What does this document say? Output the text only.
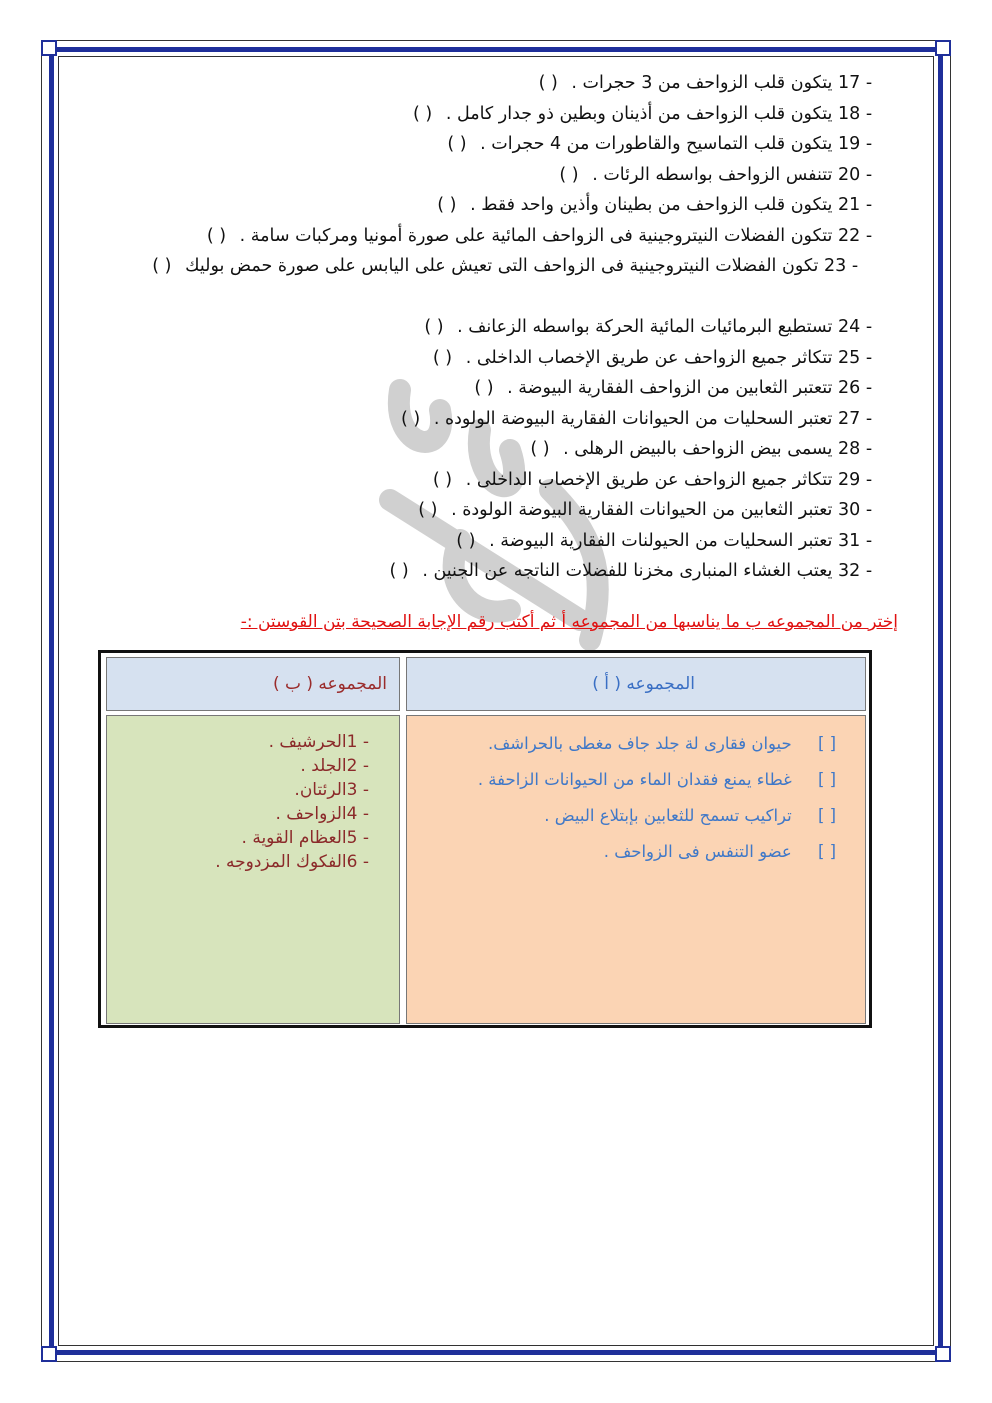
17 - يتكون قلب الزواحف من 3 حجرات . ( )
18 - يتكون قلب الزواحف من أذينان وبطين ذو جدار كامل . ( )
19 - يتكون قلب التماسيح والقاطورات من 4 حجرات . ( )
20 - تتنفس الزواحف بواسطه الرئات . ( )
21 - يتكون قلب الزواحف من بطينان وأذين واحد فقط . ( )
22 - تتكون الفضلات النيتروجينية فى الزواحف المائية على صورة أمونيا ومركبات سامة . ( )
23 - تكون الفضلات النيتروجينية فى الزواحف التى تعيش على اليابس على صورة حمض بوليك ( )
24 - تستطيع البرمائيات المائية الحركة بواسطه الزعانف . ( )
25 - تتكاثر جميع الزواحف عن طريق الإخصاب الداخلى . ( )
26 - تتعتبر الثعابين من الزواحف الفقارية البيوضة . ( )
27 - تعتبر السحليات من الحيوانات الفقارية البيوضة الولوده . ( )
28 - يسمى بيض الزواحف بالبيض الرهلى . ( )
29 - تتكاثر جميع الزواحف عن طريق الإخصاب الداخلى . ( )
30 - تعتبر الثعابين من الحيوانات الفقارية البيوضة الولودة . ( )
31 - تعتبر السحليات من الحيولنات الفقارية البيوضة . ( )
32 - يعتب الغشاء المنبارى مخزنا للفضلات الناتجه عن الجنين . ( )
إختر من المجموعه ب ما يناسبها من المجموعه أ ثم أكتب رقم الإجابة الصحيحة بتن القوستن :-
المجموعه ( ب )	المجموعه ( أ )
1 -الحرشيف .
2 -الجلد .
3 -الرئتان.
4 -الزواحف .
5 -العظام القوية .
6 -الفكوك المزدوجه .
[ ] حيوان فقارى لة جلد جاف مغطى بالحراشف.
[ ] غطاء يمنع فقدان الماء من الحيوانات الزاحفة .
[ ] تراكيب تسمح للثعابين بإبتلاع البيض .
[ ] عضو التنفس فى الزواحف .
